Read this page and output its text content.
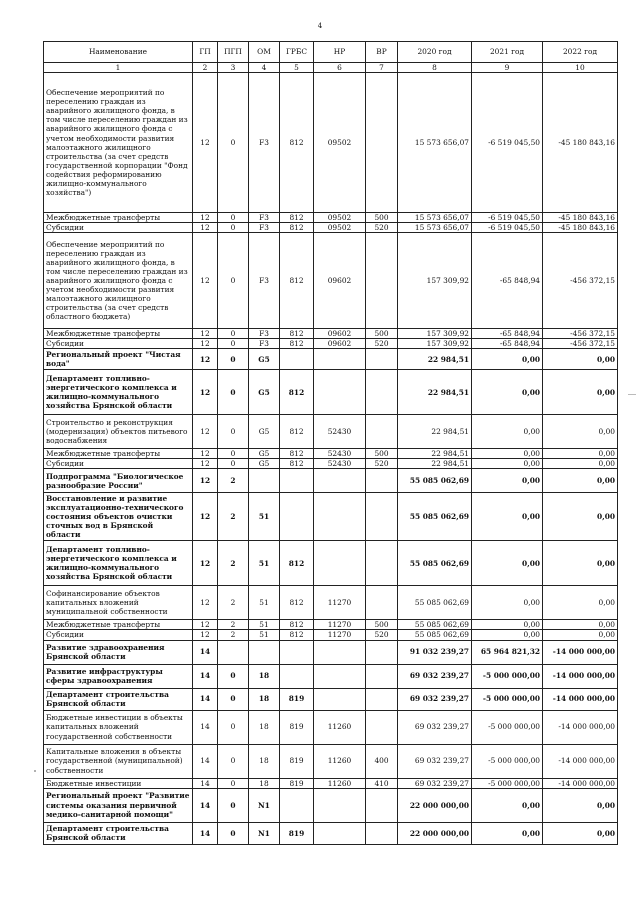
4
Наименование	ГП	ПГП	ОМ	ГРБС	НР	ВР	2020 год	2021 год	2022 год
1	2	3	4	5	6	7	8	9	10
Обеспечение мероприятий по переселению граждан из аварийного жилищного фонда, в том числе переселению граждан из аварийного жилищного фонда с учетом необходимости развития малоэтажного жилищного строительства (за счет средств государственной корпорации "Фонд содействия реформированию жилищно-коммунального хозяйства")	12	0	F3	812	09502		15 573 656,07	-6 519 045,50	-45 180 843,16
Межбюджетные трансферты	12	0	F3	812	09502	500	15 573 656,07	-6 519 045,50	-45 180 843,16
Субсидии	12	0	F3	812	09502	520	15 573 656,07	-6 519 045,50	-45 180 843,16
Обеспечение мероприятий по переселению граждан из аварийного жилищного фонда, в том числе переселению граждан из аварийного жилищного фонда с учетом необходимости развития малоэтажного жилищного строительства (за счет средств областного бюджета)	12	0	F3	812	09602		157 309,92	-65 848,94	-456 372,15
Межбюджетные трансферты	12	0	F3	812	09602	500	157 309,92	-65 848,94	-456 372,15
Субсидии	12	0	F3	812	09602	520	157 309,92	-65 848,94	-456 372,15
Региональный проект "Чистая вода"	12	0	G5				22 984,51	0,00	0,00
Департамент топливно-энергетического комплекса и жилищно-коммунального хозяйства Брянской области	12	0	G5	812			22 984,51	0,00	0,00
Строительство и реконструкция (модернизация) объектов питьевого водоснабжения	12	0	G5	812	52430		22 984,51	0,00	0,00
Межбюджетные трансферты	12	0	G5	812	52430	500	22 984,51	0,00	0,00
Субсидии	12	0	G5	812	52430	520	22 984,51	0,00	0,00
Подпрограмма "Биологическое разнообразие России"	12	2					55 085 062,69	0,00	0,00
Восстановление и развитие эксплуатационно-технического состояния объектов очистки сточных вод в Брянской области	12	2	51				55 085 062,69	0,00	0,00
Департамент топливно-энергетического комплекса и жилищно-коммунального хозяйства Брянской области	12	2	51	812			55 085 062,69	0,00	0,00
Софинансирование объектов капитальных вложений муниципальной собственности	12	2	51	812	11270		55 085 062,69	0,00	0,00
Межбюджетные трансферты	12	2	51	812	11270	500	55 085 062,69	0,00	0,00
Субсидии	12	2	51	812	11270	520	55 085 062,69	0,00	0,00
Развитие здравоохранения Брянской области	14						91 032 239,27	65 964 821,32	-14 000 000,00
Развитие инфраструктуры сферы здравоохранения	14	0	18				69 032 239,27	-5 000 000,00	-14 000 000,00
Департамент строительства Брянской области	14	0	18	819			69 032 239,27	-5 000 000,00	-14 000 000,00
Бюджетные инвестиции в объекты капитальных вложений государственной собственности	14	0	18	819	11260		69 032 239,27	-5 000 000,00	-14 000 000,00
Капитальные вложения в объекты государственной (муниципальной) собственности	14	0	18	819	11260	400	69 032 239,27	-5 000 000,00	-14 000 000,00
Бюджетные инвестиции	14	0	18	819	11260	410	69 032 239,27	-5 000 000,00	-14 000 000,00
Региональный проект "Развитие системы оказания первичной медико-санитарной помощи"	14	0	N1				22 000 000,00	0,00	0,00
Департамент строительства Брянской области	14	0	N1	819			22 000 000,00	0,00	0,00
